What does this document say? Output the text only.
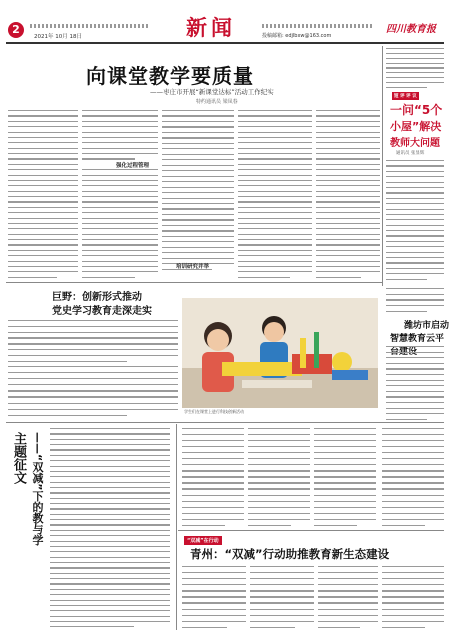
2
2021年 10月 18日	新闻	投稿邮箱: edjlbxw@163.com
四川教育报
向课堂教学要质量
——枣庄市开展“新课堂达标”活动工作纪实
特约通讯员 梁凤春
强化过程管理
培训研究并举
短 评 评 议
一问“5个
小屋”解决
教师大问题
通讯员 张显辉
巨野：创新形式推动
党史学习教育走深走实
学生们在课堂上进行科技创新活动
潍坊市启动
智慧教育云平
主题征文 ——“双减”下的教与学	“双减”在行动
青州：“双减”行动助推教育新生态建设
